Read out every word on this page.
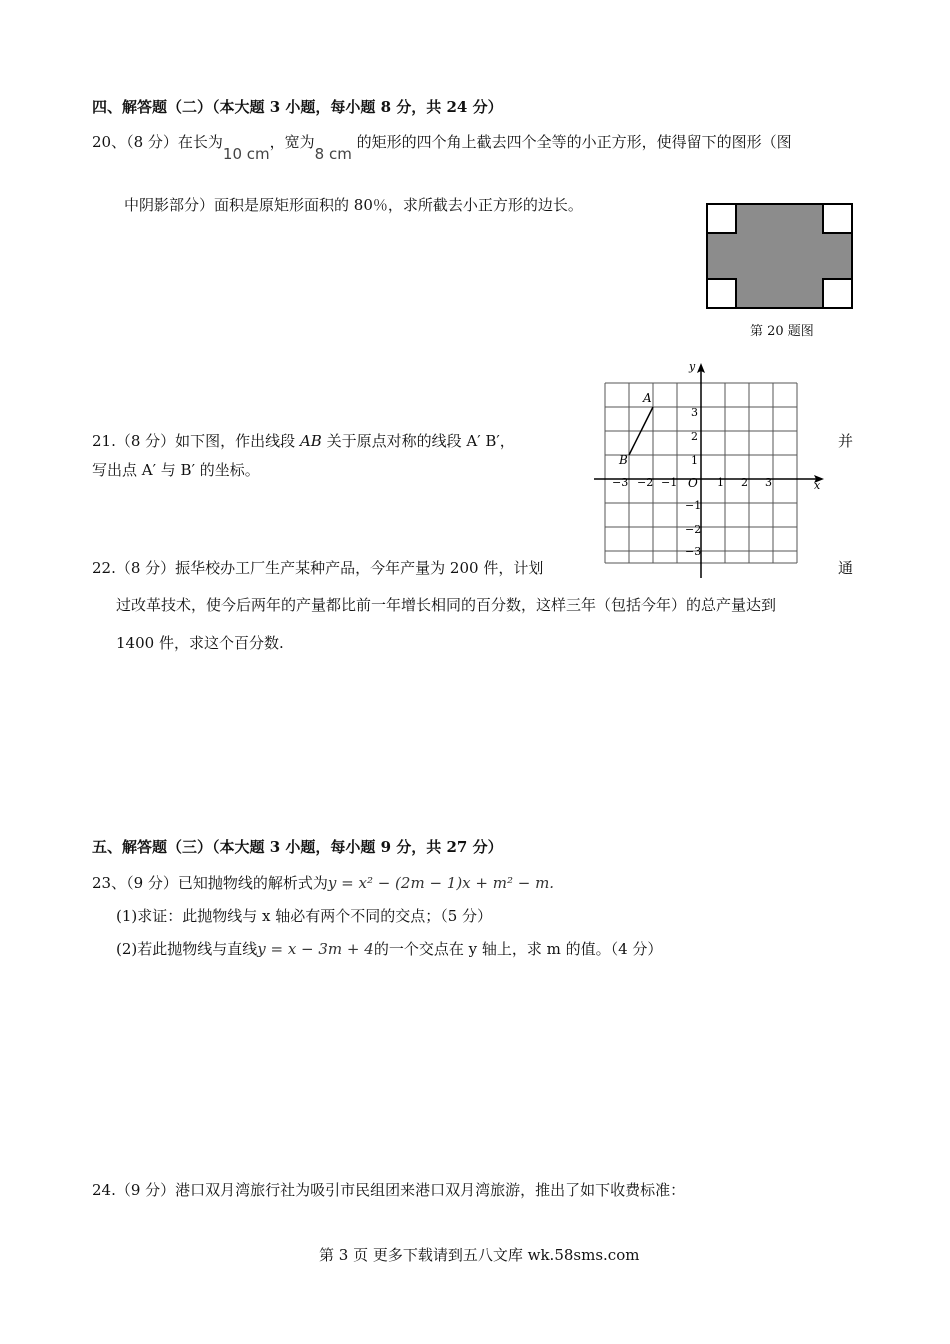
四、解答题（二）（本大题 3 小题，每小题 8 分，共 24 分）
20、（8 分）在长为10 cm，宽为8 cm 的矩形的四个角上截去四个全等的小正方形，使得留下的图形（图
中阴影部分）面积是原矩形面积的 80％，求所截去小正方形的边长。
第 20 题图
21.（8 分）如下图，作出线段 AB 关于原点对称的线段 A′ B′，	并
写出点 A′ 与 B′ 的坐标。
x
y
O
−3 −2 −1	1 2 3
3
2
1
−1
−2
−3
A
B
22.（8 分）振华校办工厂生产某种产品，今年产量为 200 件，计划	通
过改革技术，使今后两年的产量都比前一年增长相同的百分数，这样三年（包括今年）的总产量达到
1400 件，求这个百分数.
五、解答题（三）（本大题 3 小题，每小题 9 分，共 27 分）
23、（9 分）已知抛物线的解析式为y = x² − (2m − 1)x + m² − m.
(1)求证：此抛物线与 x 轴必有两个不同的交点；（5 分）
(2)若此抛物线与直线y = x − 3m + 4的一个交点在 y 轴上，求 m 的值。（4 分）
24.（9 分）港口双月湾旅行社为吸引市民组团来港口双月湾旅游，推出了如下收费标准：
第 3 页 更多下载请到五八文库 wk.58sms.com
